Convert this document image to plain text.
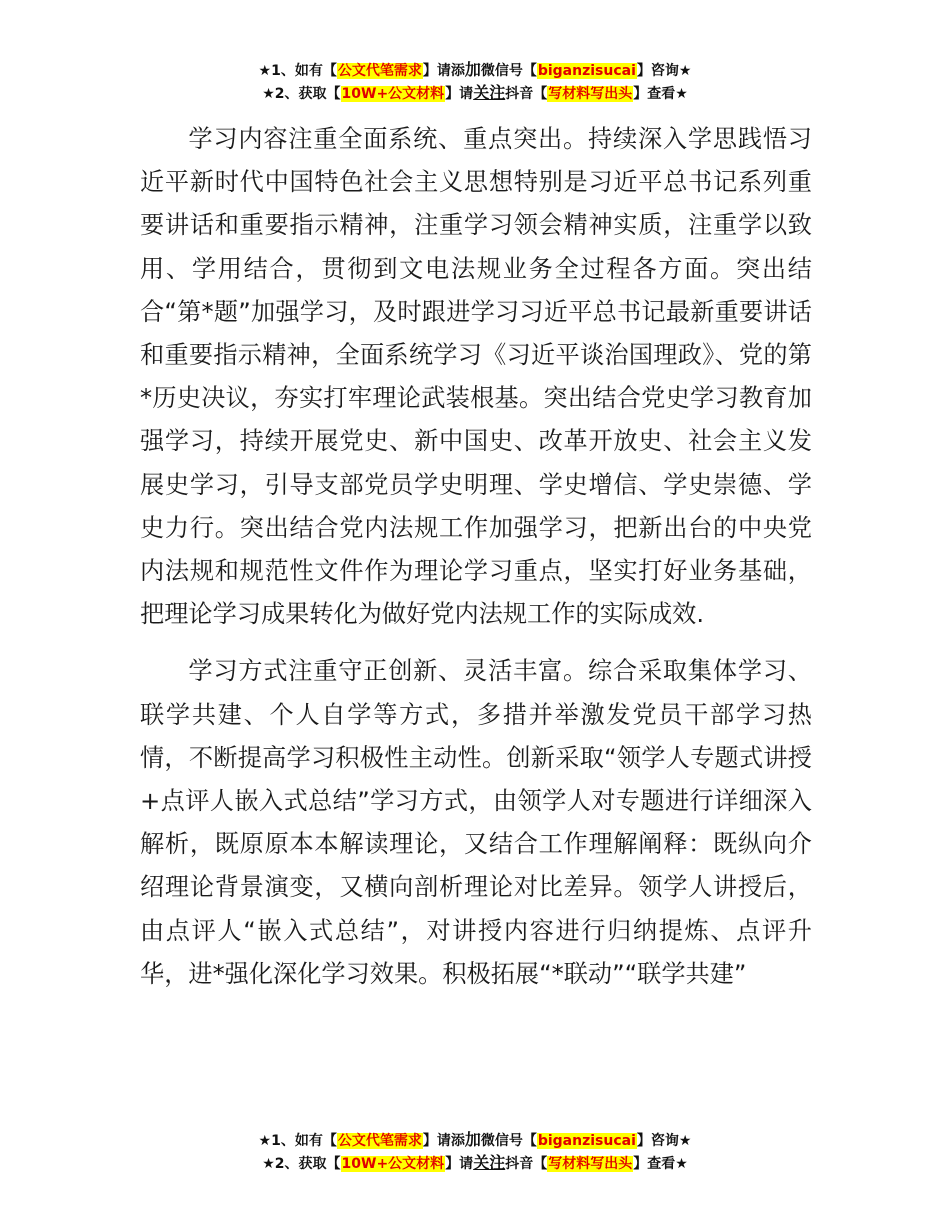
★1、如有【公文代笔需求】请添加微信号【biganzisucai】咨询★
★2、获取【10W+公文材料】请关注抖音【写材料写出头】查看★

学习内容注重全面系统、重点突出。持续深入学思践悟习近平新时代中国特色社会主义思想特别是习近平总书记系列重要讲话和重要指示精神，注重学习领会精神实质，注重学以致用、学用结合，贯彻到文电法规业务全过程各方面。突出结合“第*题”加强学习，及时跟进学习习近平总书记最新重要讲话和重要指示精神，全面系统学习《习近平谈治国理政》、党的第*历史决议，夯实打牢理论武装根基。突出结合党史学习教育加强学习，持续开展党史、新中国史、改革开放史、社会主义发展史学习，引导支部党员学史明理、学史增信、学史崇德、学史力行。突出结合党内法规工作加强学习，把新出台的中央党内法规和规范性文件作为理论学习重点，坚实打好业务基础，把理论学习成果转化为做好党内法规工作的实际成效.

学习方式注重守正创新、灵活丰富。综合采取集体学习、联学共建、个人自学等方式，多措并举激发党员干部学习热情，不断提高学习积极性主动性。创新采取“领学人专题式讲授+点评人嵌入式总结”学习方式，由领学人对专题进行详细深入解析，既原原本本解读理论，又结合工作理解阐释：既纵向介绍理论背景演变，又横向剖析理论对比差异。领学人讲授后，由点评人“嵌入式总结”，对讲授内容进行归纳提炼、点评升华，进*强化深化学习效果。积极拓展“*联动”“联学共建”

★1、如有【公文代笔需求】请添加微信号【biganzisucai】咨询★
★2、获取【10W+公文材料】请关注抖音【写材料写出头】查看★
